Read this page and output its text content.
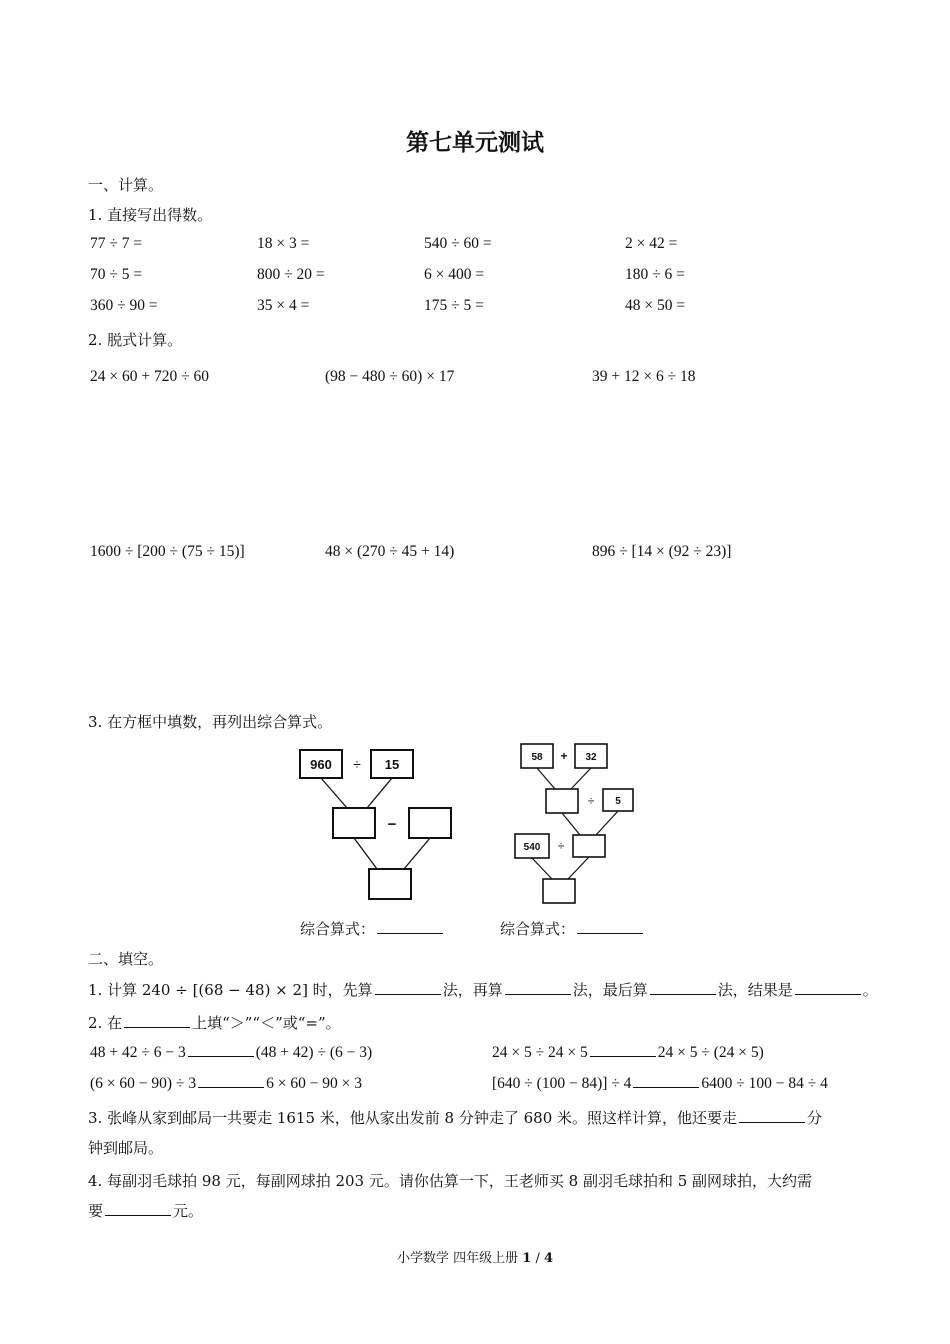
第七单元测试
一、计算。
1. 直接写出得数。
77 ÷ 7 =	18 × 3 =	540 ÷ 60 =	2 × 42 =
70 ÷ 5 =	800 ÷ 20 =	6 × 400 =	180 ÷ 6 =
360 ÷ 90 =	35 × 4 =	175 ÷ 5 =	48 × 50 =
2. 脱式计算。
24 × 60 + 720 ÷ 60	(98 − 480 ÷ 60) × 17	39 + 12 × 6 ÷ 18
1600 ÷ [200 ÷ (75 ÷ 15)]	48 × (270 ÷ 45 + 14)	896 ÷ [14 × (92 ÷ 23)]
3. 在方框中填数，再列出综合算式。
960 ÷ 15
−
58 + 32
÷ 5
540 ÷
综合算式：	综合算式：
二、填空。
1. 计算 240 ÷ [(68 − 48) × 2] 时，先算	法，再算	法，最后算	法，结果是	。
2. 在	上填“＞”“＜”或“=”。
48 + 42 ÷ 6 − 3	(48 + 42) ÷ (6 − 3)	24 × 5 ÷ 24 × 5	24 × 5 ÷ (24 × 5)
(6 × 60 − 90) ÷ 3	6 × 60 − 90 × 3	[640 ÷ (100 − 84)] ÷ 4	6400 ÷ 100 − 84 ÷ 4
3. 张峰从家到邮局一共要走 1615 米，他从家出发前 8 分钟走了 680 米。照这样计算，他还要走	分
钟到邮局。
4. 每副羽毛球拍 98 元，每副网球拍 203 元。请你估算一下，王老师买 8 副羽毛球拍和 5 副网球拍，大约需
要	元。
小学数学 四年级上册 1 / 4
